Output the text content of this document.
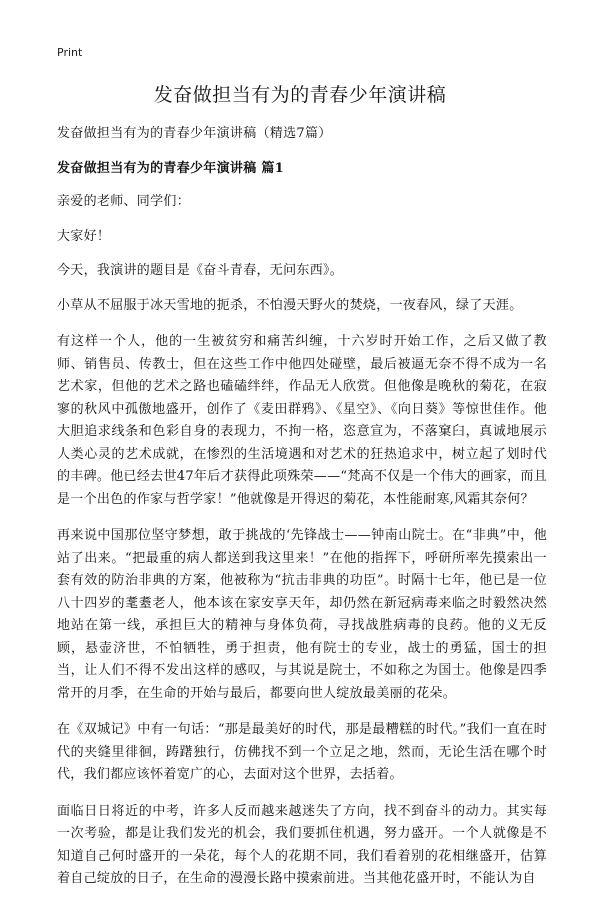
Print
发奋做担当有为的青春少年演讲稿

发奋做担当有为的青春少年演讲稿（精选7篇）

发奋做担当有为的青春少年演讲稿 篇1

亲爱的老师、同学们：

大家好！

今天，我演讲的题目是《奋斗青春，无问东西》。

小草从不屈服于冰天雪地的扼杀，不怕漫天野火的焚烧，一夜春风，绿了天涯。

有这样一个人，他的一生被贫穷和痛苦纠缠，十六岁时开始工作，之后又做了教师、销售员、传教士，但在这些工作中他四处碰壁，最后被逼无奈不得不成为一名艺术家，但他的艺术之路也磕磕绊绊，作品无人欣赏。但他像是晚秋的菊花，在寂寥的秋风中孤傲地盛开，创作了《麦田群鸦》、《星空》、《向日葵》等惊世佳作。他大胆追求线条和色彩自身的表现力，不拘一格，恣意宣为，不落窠臼，真诚地展示人类心灵的艺术成就，在惨烈的生活境遇和对艺术的狂热追求中，树立起了划时代的丰碑。他已经去世47年后才获得此项殊荣——“梵高不仅是一个伟大的画家，而且是一个出色的作家与哲学家！”他就像是开得迟的菊花，本性能耐寒,风霜其奈何？

再来说中国那位坚守梦想，敢于挑战的‘先锋战士——钟南山院士。在“非典”中，他站了出来。“把最重的病人都送到我这里来！”在他的指挥下，呼研所率先摸索出一套有效的防治非典的方案，他被称为“抗击非典的功臣”。时隔十七年，他已是一位八十四岁的耄耋老人，他本该在家安享天年，却仍然在新冠病毒来临之时毅然决然地站在第一线，承担巨大的精神与身体负荷，寻找战胜病毒的良药。他的义无反顾，悬壶济世，不怕牺牲，勇于担责，他有院士的专业，战士的勇猛，国士的担当，让人们不得不发出这样的感叹，与其说是院士，不如称之为国士。他像是四季常开的月季，在生命的开始与最后，都要向世人绽放最美丽的花朵。

在《双城记》中有一句话：“那是最美好的时代，那是最糟糕的时代。”我们一直在时代的夹缝里徘徊，踌躇独行，仿佛找不到一个立足之地，然而，无论生活在哪个时代，我们都应该怀着宽广的心，去面对这个世界，去括着。

面临日日将近的中考，许多人反而越来越迷失了方向，找不到奋斗的动力。其实每一次考验，都是让我们发光的机会，我们要抓住机遇，努力盛开。一个人就像是不知道自己何时盛开的一朵花，每个人的花期不同，我们看着别的花相继盛开，估算着自己绽放的日子，在生命的漫漫长路中摸索前进。当其他花盛开时，不能认为自
